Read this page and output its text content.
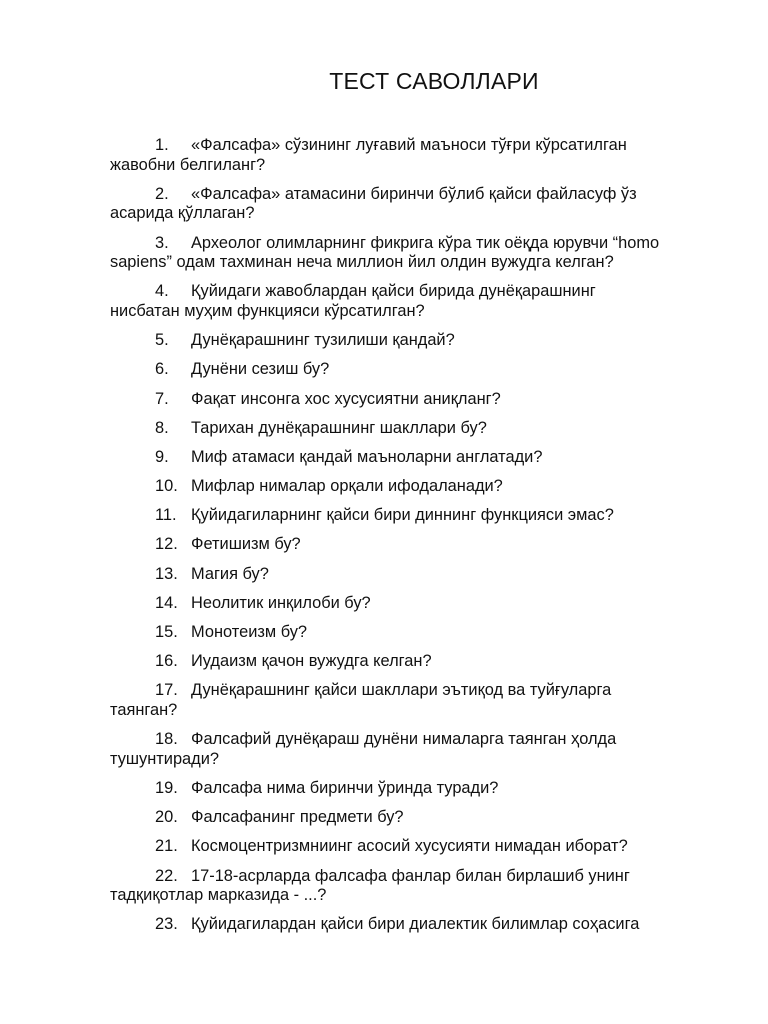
ТЕСТ САВОЛЛАРИ
1. «Фалсафа» сўзининг луғавий маъноси тўғри кўрсатилган
жавобни белгиланг?
2. «Фалсафа» атамасини биринчи бўлиб қайси файласуф ўз
асарида қўллаган?
3. Археолог олимларнинг фикрига кўра тик оёқда юрувчи “homo
sapiens” одам тахминан неча миллион йил олдин вужудга келган?
4. Қуйидаги жавоблардан қайси бирида дунёқарашнинг
нисбатан муҳим функцияси кўрсатилган?
5. Дунёқарашнинг тузилиши қандай?
6. Дунёни сезиш бу?
7. Фақат инсонга хос хусусиятни аниқланг?
8. Тарихан дунёқарашнинг шакллари бу?
9. Миф атамаси қандай маъноларни англатади?
10. Мифлар нималар орқали ифодаланади?
11. Қуйидагиларнинг қайси бири диннинг функцияси эмас?
12. Фетишизм бу?
13. Магия бу?
14. Неолитик инқилоби бу?
15. Монотеизм бу?
16. Иудаизм қачон вужудга келган?
17. Дунёқарашнинг қайси шакллари эътиқод ва туйғуларга
таянган?
18. Фалсафий дунёқараш дунёни нималарга таянган ҳолда
тушунтиради?
19. Фалсафа нима биринчи ўринда туради?
20. Фалсафанинг предмети бу?
21. Космоцентризмниинг асосий хусусияти нимадан иборат?
22. 17-18-асрларда фалсафа фанлар билан бирлашиб унинг
тадқиқотлар марказида - ...?
23. Қуйидагилардан қайси бири диалектик билимлар соҳасига
